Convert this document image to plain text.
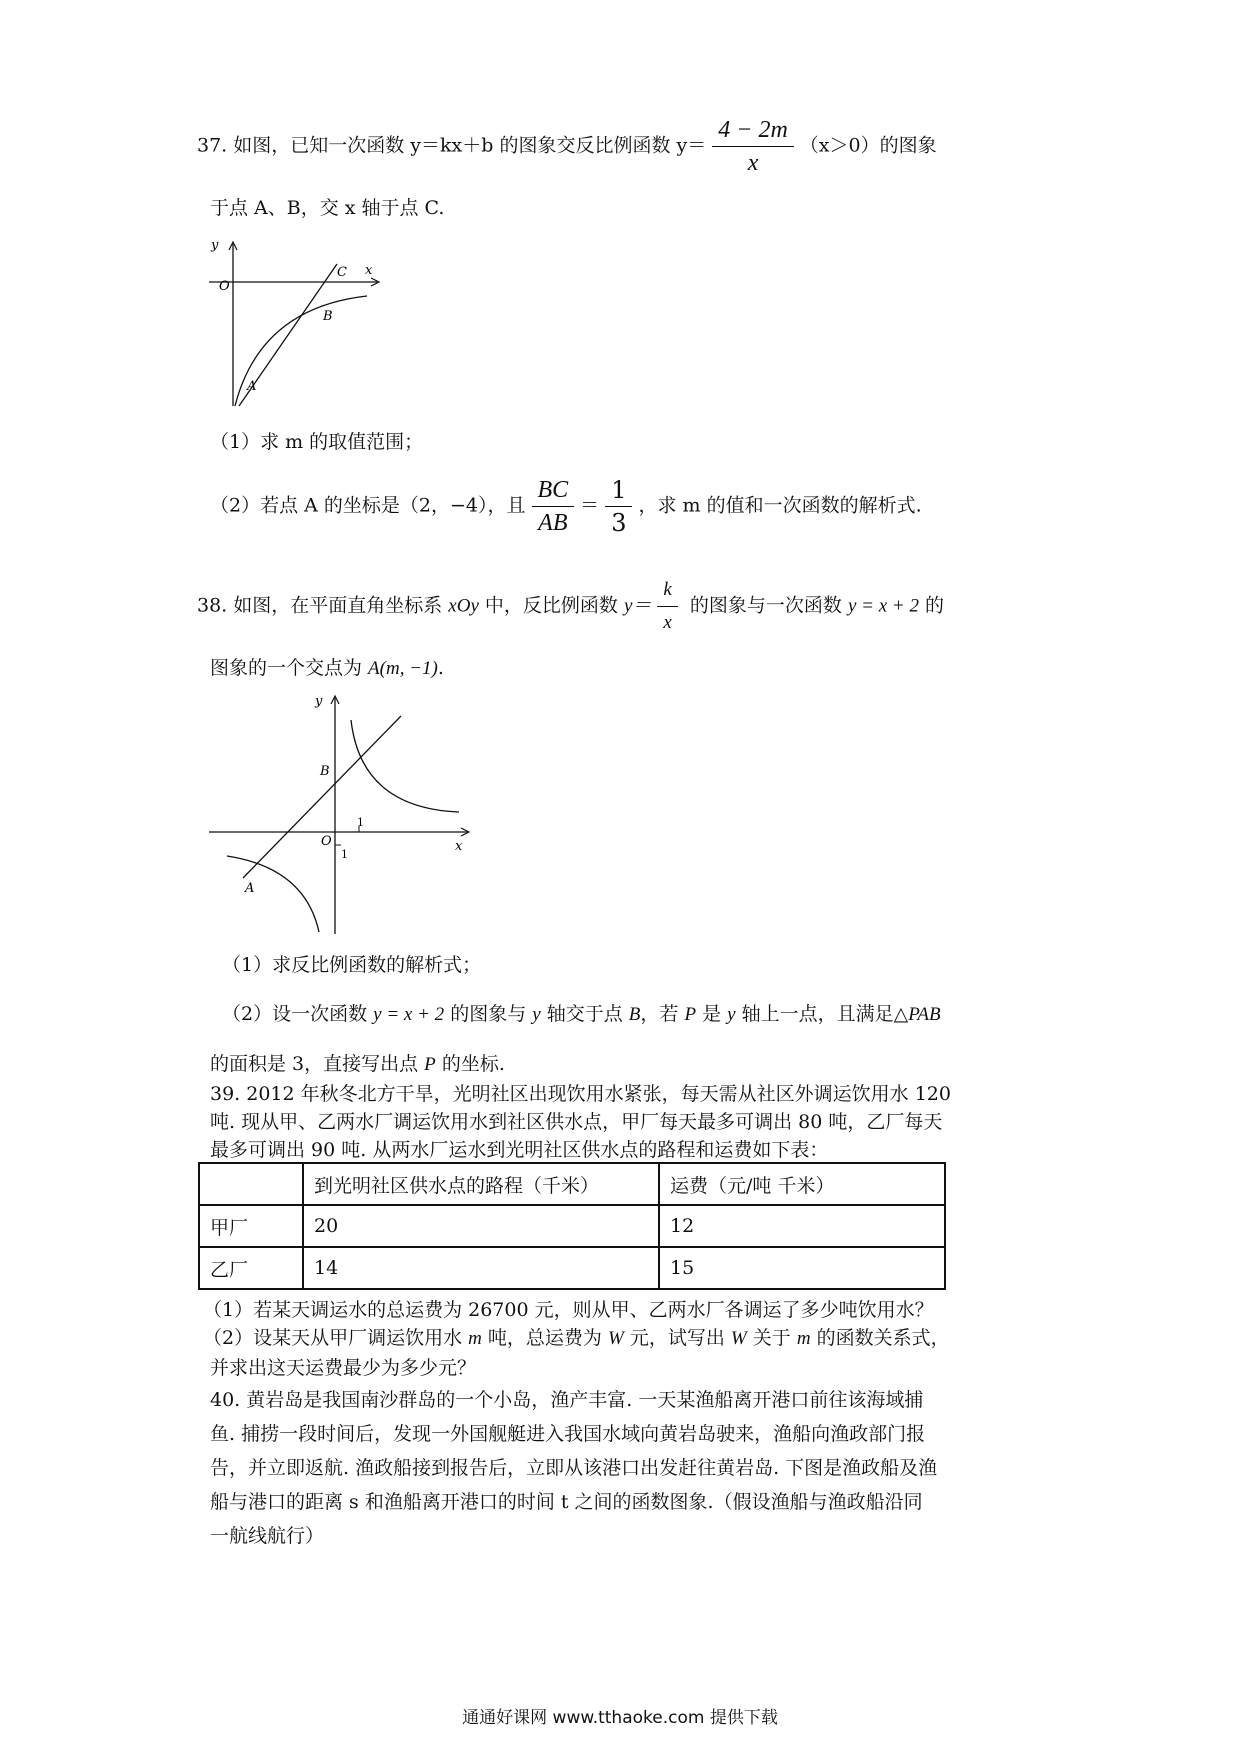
37. 如图，已知一次函数 y＝kx＋b 的图象交反比例函数 $y= \frac{4 - 2m}{x} (x>0)$的图象
于点 A、B，交 x 轴于点 C.
y
x
O
C
B
A
（1）求 m 的取值范围；
（2）若点 A 的坐标是（2，−4），且 $\frac{BC}{AB} = \frac{1}{3}$ ，求 m 的值和一次函数的解析式.
38. 如图，在平面直角坐标系 xOy 中，反比例函数 $y= \frac{k}{x}$ 的图象与一次函数 y = x + 2 的
图象的一个交点为 A(m, −1).
y
x
O
B
A
1
1
（1）求反比例函数的解析式；
（2）设一次函数 y = x + 2 的图象与 y 轴交于点 B，若 P 是 y 轴上一点，且满足△PAB
的面积是 3，直接写出点 P 的坐标.
39. 2012 年秋冬北方干旱，光明社区出现饮用水紧张，每天需从社区外调运饮用水 120
吨. 现从甲、乙两水厂调运饮用水到社区供水点，甲厂每天最多可调出 80 吨，乙厂每天
最多可调出 90 吨. 从两水厂运水到光明社区供水点的路程和运费如下表：
	到光明社区供水点的路程（千米）	运费（元/吨 千米）
甲厂	20	12
乙厂	14	15
（1）若某天调运水的总运费为 26700 元，则从甲、乙两水厂各调运了多少吨饮用水？
（2）设某天从甲厂调运饮用水 m 吨，总运费为 W 元，试写出 W 关于 m 的函数关系式，
并求出这天运费最少为多少元？
40. 黄岩岛是我国南沙群岛的一个小岛，渔产丰富. 一天某渔船离开港口前往该海域捕
鱼. 捕捞一段时间后，发现一外国舰艇进入我国水域向黄岩岛驶来，渔船向渔政部门报
告，并立即返航. 渔政船接到报告后，立即从该港口出发赶往黄岩岛. 下图是渔政船及渔
船与港口的距离 s 和渔船离开港口的时间 t 之间的函数图象.（假设渔船与渔政船沿同
一航线航行）
通通好课网 www.tthaoke.com 提供下载
